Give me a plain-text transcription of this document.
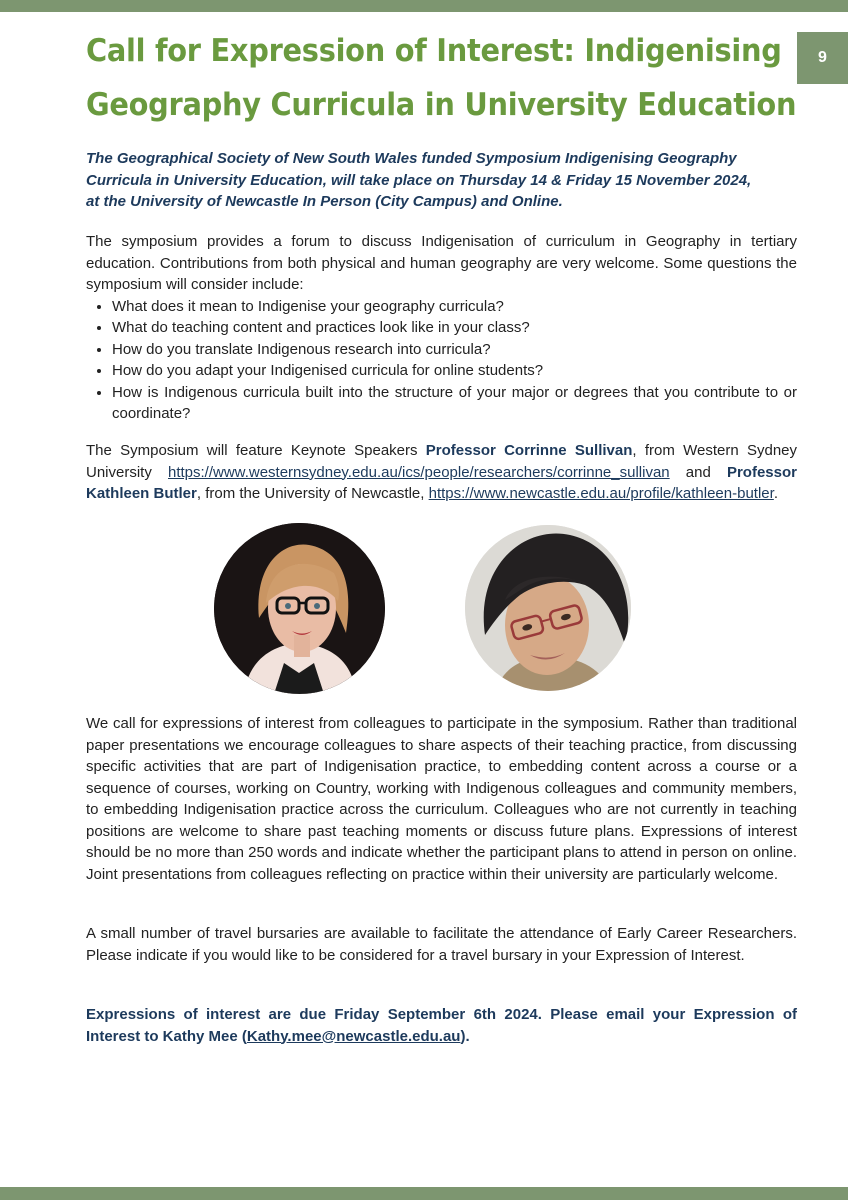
9
Call for Expression of Interest: Indigenising
Geography Curricula in University Education
The Geographical Society of New South Wales funded Symposium Indigenising Geography
Curricula in University Education, will take place on Thursday 14 & Friday 15 November 2024,
at the University of Newcastle In Person (City Campus) and Online.
The symposium provides a forum to discuss Indigenisation of curriculum in Geography in tertiary education. Contributions from both physical and human geography are very welcome. Some questions the symposium will consider include:
• What does it mean to Indigenise your geography curricula?
• What do teaching content and practices look like in your class?
• How do you translate Indigenous research into curricula?
• How do you adapt your Indigenised curricula for online students?
• How is Indigenous curricula built into the structure of your major or degrees that you contribute to or coordinate?
The Symposium will feature Keynote Speakers Professor Corrinne Sullivan, from Western Sydney University https://www.westernsydney.edu.au/ics/people/researchers/corrinne_sullivan and Professor Kathleen Butler, from the University of Newcastle, https://www.newcastle.edu.au/profile/kathleen-butler.
We call for expressions of interest from colleagues to participate in the symposium. Rather than traditional paper presentations we encourage colleagues to share aspects of their teaching practice, from discussing specific activities that are part of Indigenisation practice, to embedding content across a course or a sequence of courses, working on Country, working with Indigenous colleagues and community members, to embedding Indigenisation practice across the curriculum. Colleagues who are not currently in teaching positions are welcome to share past teaching moments or discuss future plans. Expressions of interest should be no more than 250 words and indicate whether the participant plans to attend in person on online. Joint presentations from colleagues reflecting on practice within their university are particularly welcome.
A small number of travel bursaries are available to facilitate the attendance of Early Career Researchers. Please indicate if you would like to be considered for a travel bursary in your Expression of Interest.
Expressions of interest are due Friday September 6th 2024. Please email your Expression of Interest to Kathy Mee (Kathy.mee@newcastle.edu.au).
